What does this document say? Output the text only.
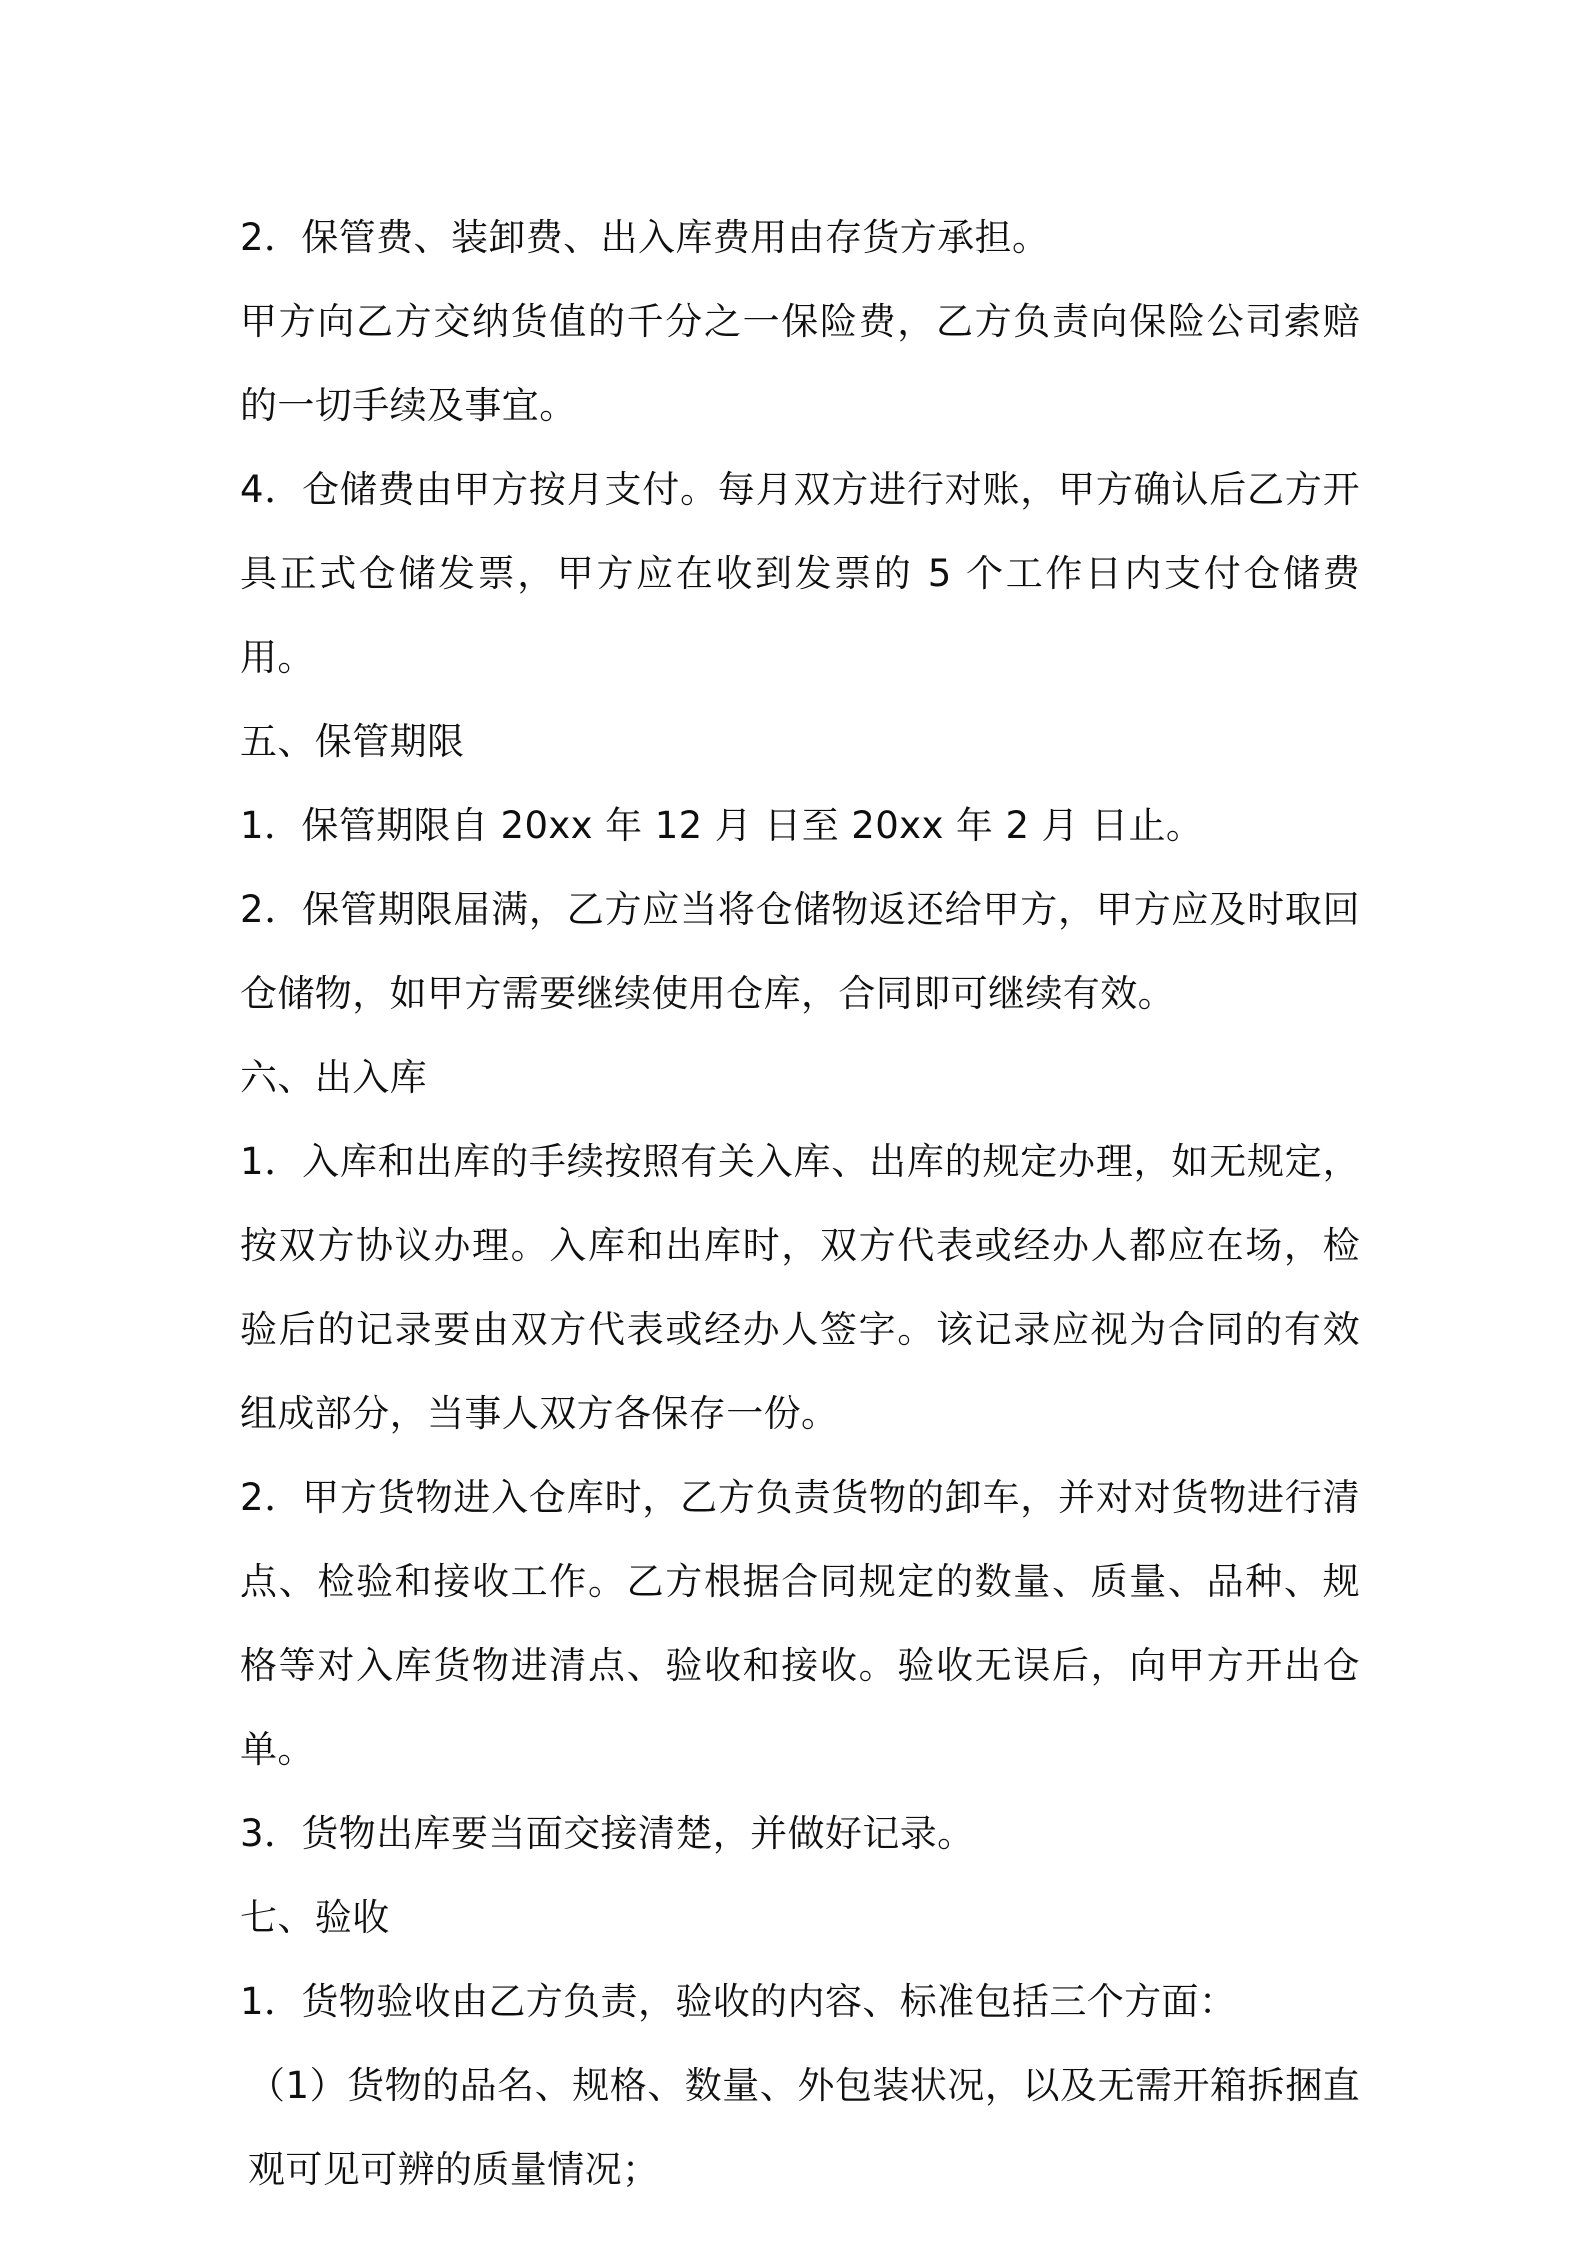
2．保管费、装卸费、出入库费用由存货方承担。

甲方向乙方交纳货值的千分之一保险费，乙方负责向保险公司索赔的一切手续及事宜。

4．仓储费由甲方按月支付。每月双方进行对账，甲方确认后乙方开具正式仓储发票，甲方应在收到发票的 5 个工作日内支付仓储费用。

五、保管期限

1．保管期限自 20xx 年 12 月 日至 20xx 年 2 月 日止。

2．保管期限届满，乙方应当将仓储物返还给甲方，甲方应及时取回仓储物，如甲方需要继续使用仓库，合同即可继续有效。

六、出入库

1．入库和出库的手续按照有关入库、出库的规定办理，如无规定，按双方协议办理。入库和出库时，双方代表或经办人都应在场，检验后的记录要由双方代表或经办人签字。该记录应视为合同的有效组成部分，当事人双方各保存一份。

2．甲方货物进入仓库时，乙方负责货物的卸车，并对对货物进行清点、检验和接收工作。乙方根据合同规定的数量、质量、品种、规格等对入库货物进清点、验收和接收。验收无误后，向甲方开出仓单。

3．货物出库要当面交接清楚，并做好记录。

七、验收

1．货物验收由乙方负责，验收的内容、标准包括三个方面：

（1）货物的品名、规格、数量、外包装状况，以及无需开箱拆捆直观可见可辨的质量情况；
